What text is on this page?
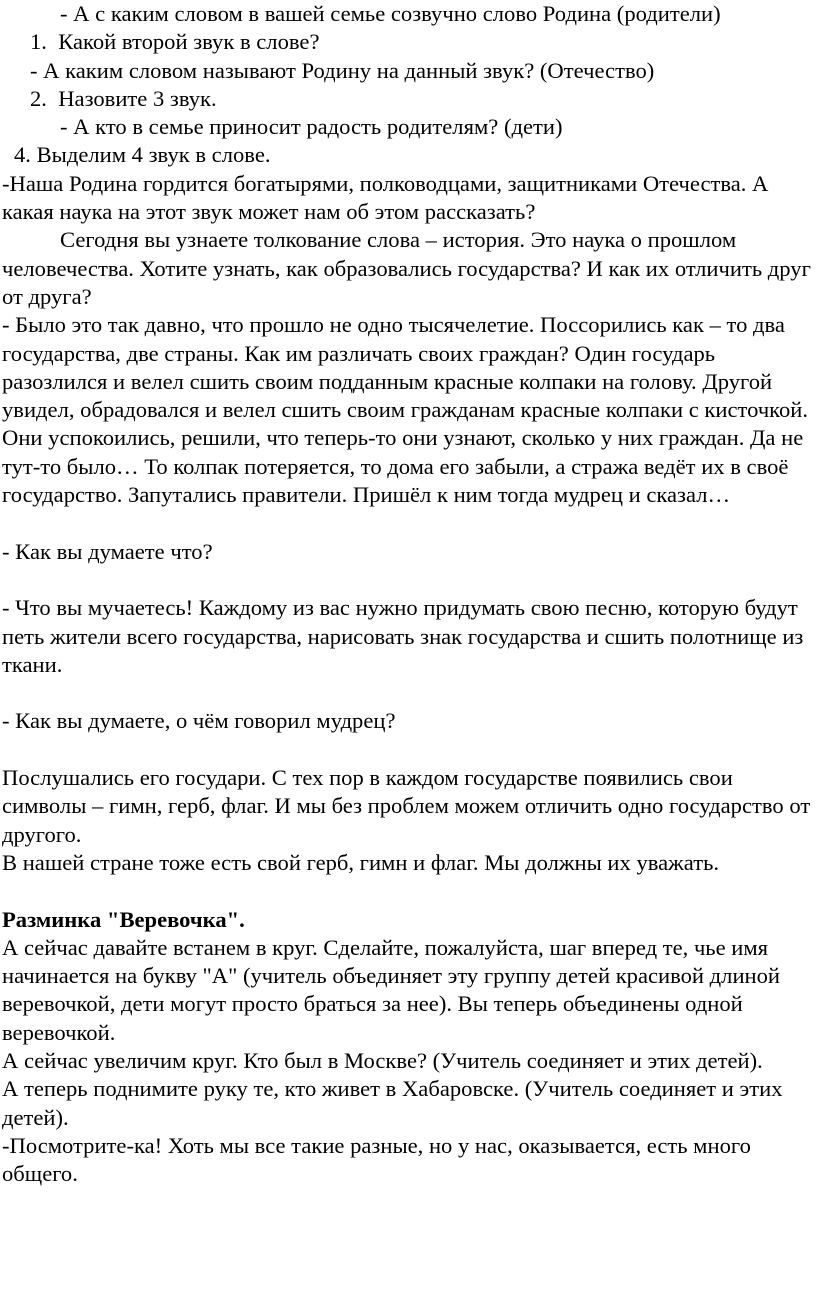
- А с каким словом в вашей семье созвучно слово Родина (родители)
1.  Какой второй звук в слове?
- А каким словом называют Родину на данный звук? (Отечество)
2.  Назовите 3 звук.
- А кто в семье приносит радость родителям? (дети)
4. Выделим 4 звук в слове.

-Наша Родина гордится богатырями, полководцами, защитниками Отечества. А какая наука на этот звук может нам об этом рассказать?

Сегодня вы узнаете толкование слова – история. Это наука о прошлом человечества. Хотите узнать, как образовались государства? И как их отличить друг от друга?

- Было это так давно, что прошло не одно тысячелетие. Поссорились как – то два государства, две страны. Как им различать своих граждан? Один государь разозлился и велел сшить своим подданным красные колпаки на голову. Другой увидел, обрадовался и велел сшить своим гражданам красные колпаки с кисточкой. Они успокоились, решили, что теперь-то они узнают, сколько у них граждан. Да не тут-то было… То колпак потеряется, то дома его забыли, а стража ведёт их в своё государство. Запутались правители. Пришёл к ним тогда мудрец и сказал…

- Как вы думаете что?

- Что вы мучаетесь! Каждому из вас нужно придумать свою песню, которую будут петь жители всего государства, нарисовать знак государства и сшить полотнище из ткани.

- Как вы думаете, о чём говорил мудрец?

Послушались его государи. С тех пор в каждом государстве появились свои символы – гимн, герб, флаг. И мы без проблем можем отличить одно государство от другого.

В нашей стране тоже есть свой герб, гимн и флаг. Мы должны их уважать.

Разминка "Веревочка".

А сейчас давайте встанем в круг. Сделайте, пожалуйста, шаг вперед те, чье имя начинается на букву "А" (учитель объединяет эту группу детей красивой длиной веревочкой, дети могут просто браться за нее). Вы теперь объединены одной веревочкой.

А сейчас увеличим круг. Кто был в Москве? (Учитель соединяет и этих детей).

А теперь поднимите руку те, кто живет в Хабаровске. (Учитель соединяет и этих детей).

-Посмотрите-ка! Хоть мы все такие разные, но у нас, оказывается, есть много общего.
